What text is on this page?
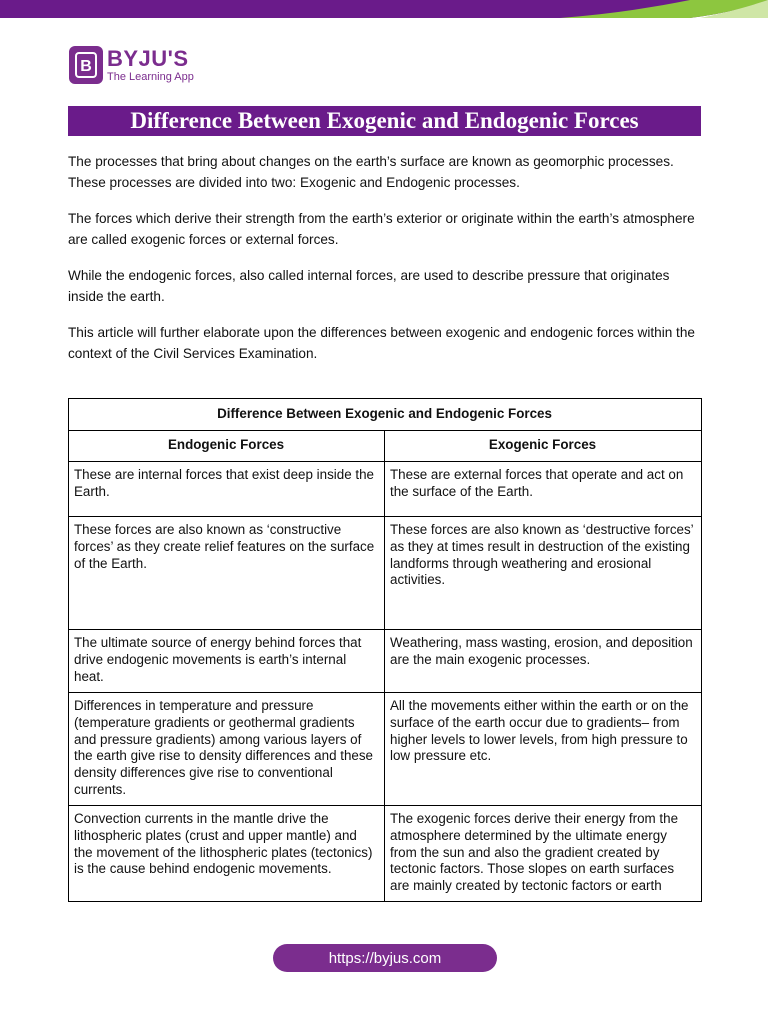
B BYJU'S
The Learning App
Difference Between Exogenic and Endogenic Forces

The processes that bring about changes on the earth’s surface are known as geomorphic processes. These processes are divided into two: Exogenic and Endogenic processes.

The forces which derive their strength from the earth’s exterior or originate within the earth’s atmosphere are called exogenic forces or external forces.

While the endogenic forces, also called internal forces, are used to describe pressure that originates inside the earth.

This article will further elaborate upon the differences between exogenic and endogenic forces within the context of the Civil Services Examination.

Difference Between Exogenic and Endogenic Forces	
Endogenic Forces	Exogenic Forces
These are internal forces that exist deep inside the Earth.	These are external forces that operate and act on the surface of the Earth.
These forces are also known as ‘constructive forces’ as they create relief features on the surface of the Earth.	These forces are also known as ‘destructive forces’ as they at times result in destruction of the existing landforms through weathering and erosional activities.
The ultimate source of energy behind forces that drive endogenic movements is earth’s internal heat.	Weathering, mass wasting, erosion, and deposition are the main exogenic processes.
Differences in temperature and pressure (temperature gradients or geothermal gradients and pressure gradients) among various layers of the earth give rise to density differences and these density differences give rise to conventional currents.	All the movements either within the earth or on the surface of the earth occur due to gradients– from higher levels to lower levels, from high pressure to low pressure etc.
Convection currents in the mantle drive the lithospheric plates (crust and upper mantle) and the movement of the lithospheric plates (tectonics) is the cause behind endogenic movements.	The exogenic forces derive their energy from the atmosphere determined by the ultimate energy from the sun and also the gradient created by tectonic factors. Those slopes on earth surfaces are mainly created by tectonic factors or earth
https://byjus.com
